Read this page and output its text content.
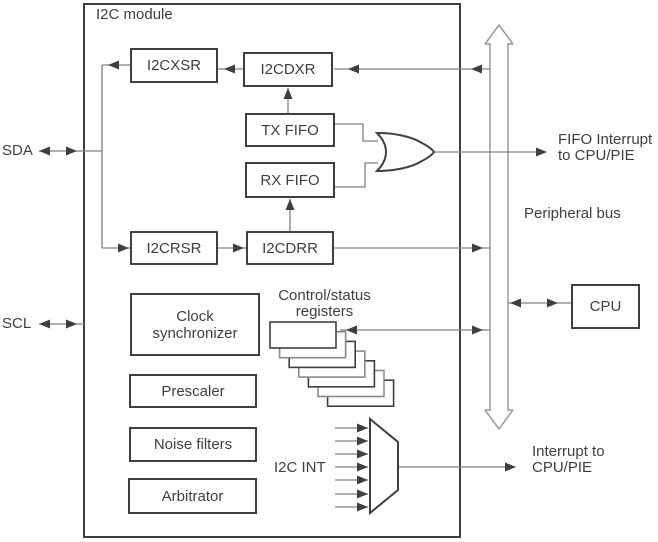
I2C module
SDA
SCL
I2CXSR	I2CDXR
TX FIFO
RX FIFO
I2CRSR	I2CDRR
Clock synchronizer
Prescaler
Noise filters
Arbitrator
CPU
Control/status registers
I2C INT
Peripheral bus
FIFO Interrupt to CPU/PIE
Interrupt to CPU/PIE
